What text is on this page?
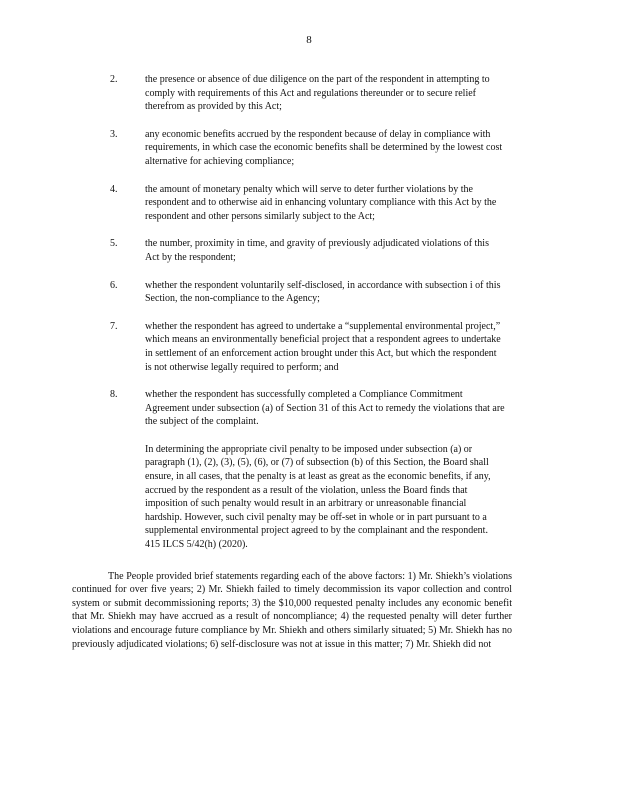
8
2.	the presence or absence of due diligence on the part of the respondent in attempting to comply with requirements of this Act and regulations thereunder or to secure relief therefrom as provided by this Act;
3.	any economic benefits accrued by the respondent because of delay in compliance with requirements, in which case the economic benefits shall be determined by the lowest cost alternative for achieving compliance;
4.	the amount of monetary penalty which will serve to deter further violations by the respondent and to otherwise aid in enhancing voluntary compliance with this Act by the respondent and other persons similarly subject to the Act;
5.	the number, proximity in time, and gravity of previously adjudicated violations of this Act by the respondent;
6.	whether the respondent voluntarily self-disclosed, in accordance with subsection i of this Section, the non-compliance to the Agency;
7.	whether the respondent has agreed to undertake a “supplemental environmental project,” which means an environmentally beneficial project that a respondent agrees to undertake in settlement of an enforcement action brought under this Act, but which the respondent is not otherwise legally required to perform; and
8.	whether the respondent has successfully completed a Compliance Commitment Agreement under subsection (a) of Section 31 of this Act to remedy the violations that are the subject of the complaint.
In determining the appropriate civil penalty to be imposed under subsection (a) or paragraph (1), (2), (3), (5), (6), or (7) of subsection (b) of this Section, the Board shall ensure, in all cases, that the penalty is at least as great as the economic benefits, if any, accrued by the respondent as a result of the violation, unless the Board finds that imposition of such penalty would result in an arbitrary or unreasonable financial hardship. However, such civil penalty may be off-set in whole or in part pursuant to a supplemental environmental project agreed to by the complainant and the respondent. 415 ILCS 5/42(h) (2020).
The People provided brief statements regarding each of the above factors: 1) Mr. Shiekh’s violations continued for over five years; 2) Mr. Shiekh failed to timely decommission its vapor collection and control system or submit decommissioning reports; 3) the $10,000 requested penalty includes any economic benefit that Mr. Shiekh may have accrued as a result of noncompliance; 4) the requested penalty will deter further violations and encourage future compliance by Mr. Shiekh and others similarly situated; 5) Mr. Shiekh has no previously adjudicated violations; 6) self-disclosure was not at issue in this matter; 7) Mr. Shiekh did not
